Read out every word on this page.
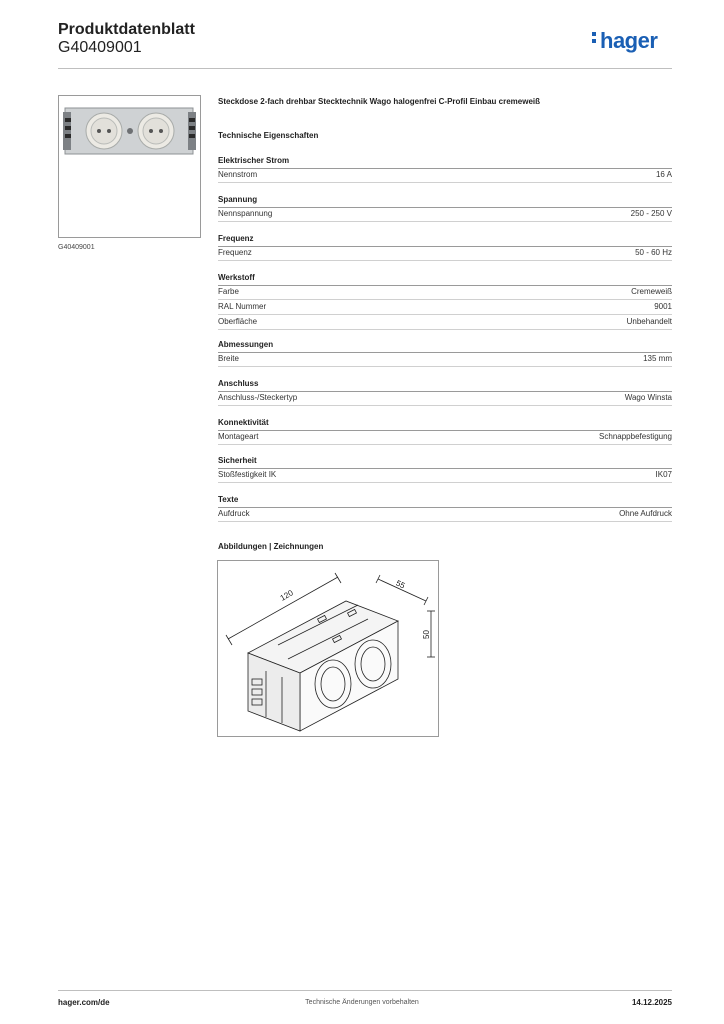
Produktdatenblatt
G40409001	hager
G40409001
Steckdose 2-fach drehbar Stecktechnik Wago halogenfrei C-Profil Einbau cremeweiß
Technische Eigenschaften
Elektrischer Strom
Nennstrom	16 A
Spannung
Nennspannung	250 - 250 V
Frequenz
Frequenz	50 - 60 Hz
Werkstoff
Farbe	Cremeweiß
RAL Nummer	9001
Oberfläche	Unbehandelt
Abmessungen
Breite	135 mm
Anschluss
Anschluss-/Steckertyp	Wago Winsta
Konnektivität
Montageart	Schnappbefestigung
Sicherheit
Stoßfestigkeit IK	IK07
Texte
Aufdruck	Ohne Aufdruck
Abbildungen | Zeichnungen
120
55
50
hager.com/de	Technische Änderungen vorbehalten	14.12.2025
